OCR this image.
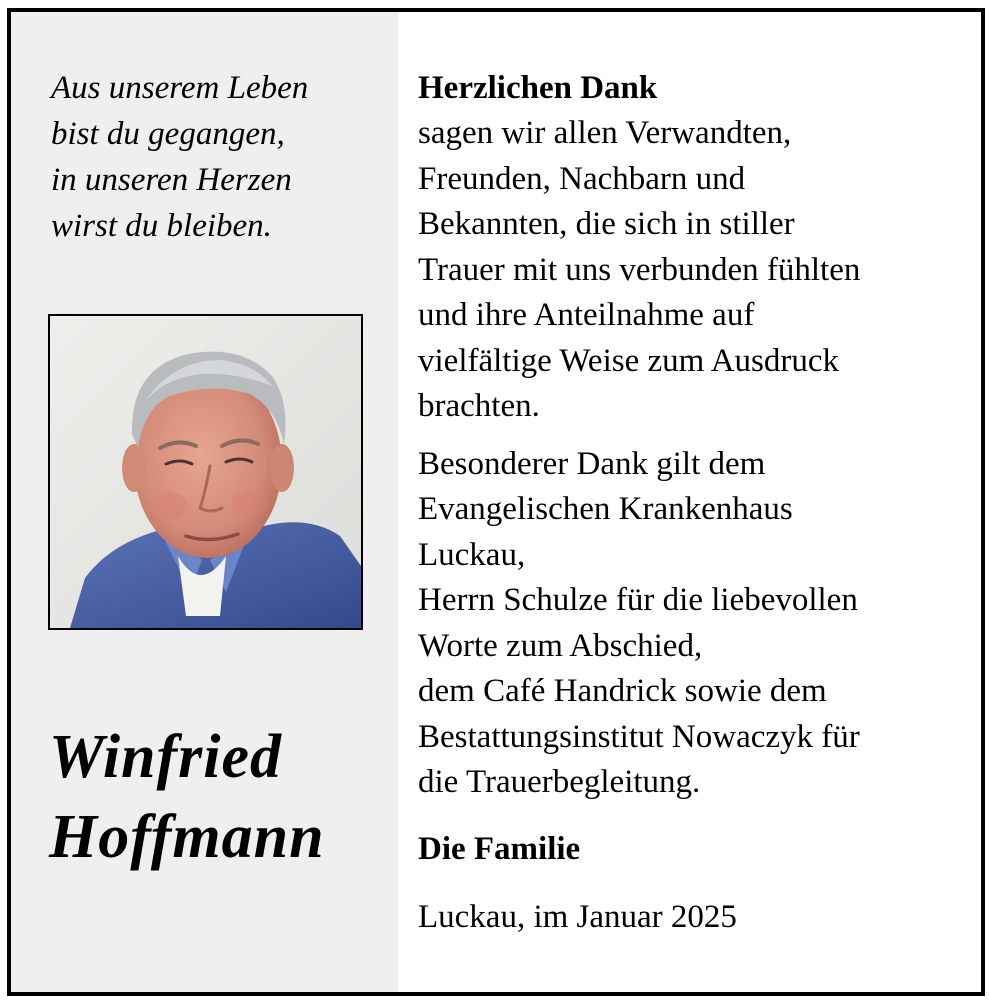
Aus unserem Leben
bist du gegangen,
in unseren Herzen
wirst du bleiben.
Winfried
Hoffmann
Herzlichen Dank
sagen wir allen Verwandten,
Freunden, Nachbarn und
Bekannten, die sich in stiller
Trauer mit uns verbunden fühlten
und ihre Anteilnahme auf
vielfältige Weise zum Ausdruck
brachten.
Besonderer Dank gilt dem
Evangelischen Krankenhaus
Luckau,
Herrn Schulze für die liebevollen
Worte zum Abschied,
dem Café Handrick sowie dem
Bestattungsinstitut Nowaczyk für
die Trauerbegleitung.
Die Familie
Luckau, im Januar 2025
